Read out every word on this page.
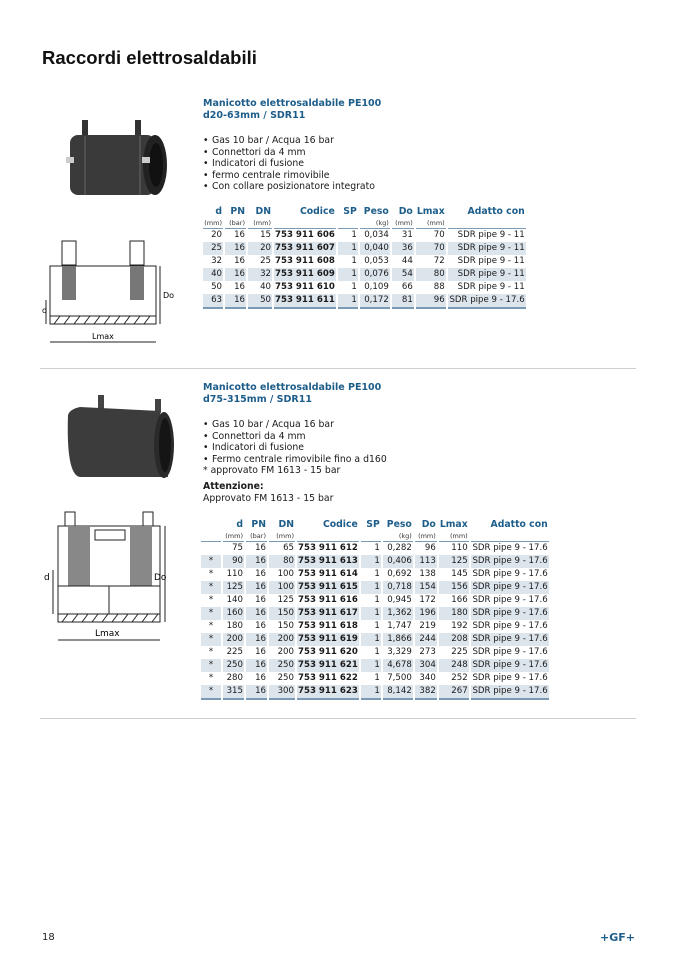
Raccordi elettrosaldabili
d
Do
Lmax
Manicotto elettrosaldabile PE100
d20-63mm / SDR11
• Gas 10 bar / Acqua 16 bar
• Connettori da 4 mm
• Indicatori di fusione
• fermo centrale rimovibile
• Con collare posizionatore integrato
d	PN	DN	Codice	SP	Peso	Do	Lmax	Adatto con
(mm)	(bar)	(mm)			(kg)	(mm)	(mm)	
20	16	15	753 911 606	1	0,034	31	70	SDR pipe 9 - 11
25	16	20	753 911 607	1	0,040	36	70	SDR pipe 9 - 11
32	16	25	753 911 608	1	0,053	44	72	SDR pipe 9 - 11
40	16	32	753 911 609	1	0,076	54	80	SDR pipe 9 - 11
50	16	40	753 911 610	1	0,109	66	88	SDR pipe 9 - 11
63	16	50	753 911 611	1	0,172	81	96	SDR pipe 9 - 17.6
d	Do
Lmax
Manicotto elettrosaldabile PE100
d75-315mm / SDR11
• Gas 10 bar / Acqua 16 bar
• Connettori da 4 mm
• Indicatori di fusione
• Fermo centrale rimovibile fino a d160
* approvato FM 1613 - 15 bar
Attenzione:
Approvato FM 1613 - 15 bar
	d	PN	DN	Codice	SP	Peso	Do	Lmax	Adatto con
	(mm)	(bar)	(mm)			(kg)	(mm)	(mm)	
	75	16	65	753 911 612	1	0,282	96	110	SDR pipe 9 - 17.6
*	90	16	80	753 911 613	1	0,406	113	125	SDR pipe 9 - 17.6
*	110	16	100	753 911 614	1	0,692	138	145	SDR pipe 9 - 17.6
*	125	16	100	753 911 615	1	0,718	154	156	SDR pipe 9 - 17.6
*	140	16	125	753 911 616	1	0,945	172	166	SDR pipe 9 - 17.6
*	160	16	150	753 911 617	1	1,362	196	180	SDR pipe 9 - 17.6
*	180	16	150	753 911 618	1	1,747	219	192	SDR pipe 9 - 17.6
*	200	16	200	753 911 619	1	1,866	244	208	SDR pipe 9 - 17.6
*	225	16	200	753 911 620	1	3,329	273	225	SDR pipe 9 - 17.6
*	250	16	250	753 911 621	1	4,678	304	248	SDR pipe 9 - 17.6
*	280	16	250	753 911 622	1	7,500	340	252	SDR pipe 9 - 17.6
*	315	16	300	753 911 623	1	8,142	382	267	SDR pipe 9 - 17.6
18	+GF+
